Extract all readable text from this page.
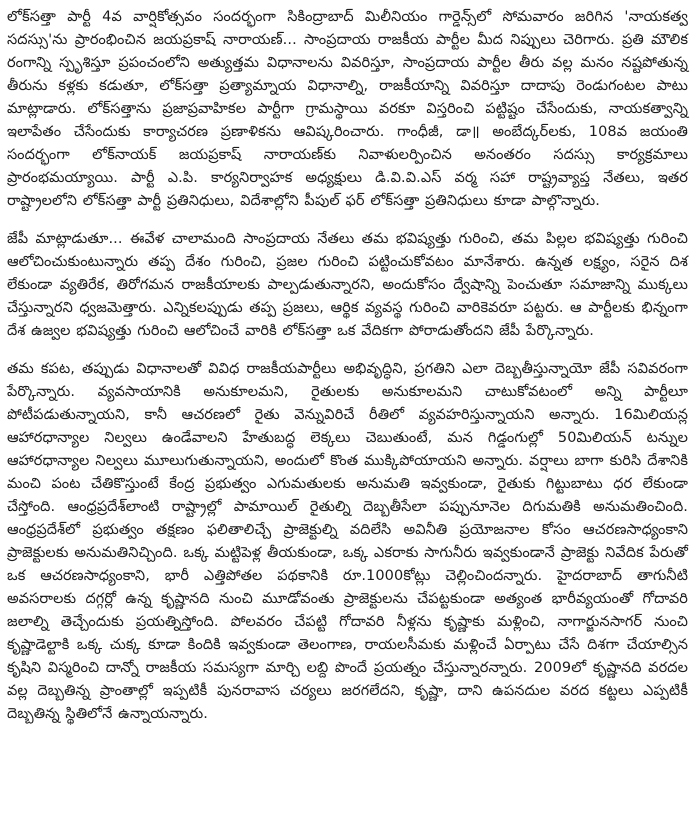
లోక్‌సత్తా పార్టీ 4వ వార్షికోత్సవం సందర్భంగా సికింద్రాబాద్ మిలీనియం గార్డెన్స్‌లో సోమవారం జరిగిన 'నాయకత్వ సదస్సు'ను ప్రారంభించిన జయప్రకాష్ నారాయణ్... సాంప్రదాయ రాజకీయ పార్టీల మీద నిప్పులు చెరిగారు. ప్రతి మౌలిక రంగాన్ని స్పృశిస్తూ ప్రపంచంలోని అత్యుత్తమ విధానాలను వివరిస్తూ, సాంప్రదాయ పార్టీల తీరు వల్ల మనం నష్టపోతున్న తీరును కళ్లకు కడుతూ, లోక్‌సత్తా ప్రత్యామ్నాయ విధానాల్ని, రాజకీయాన్ని వివరిస్తూ దాదాపు రెండుగంటల పాటు మాట్లాడారు. లోక్‌సత్తాను ప్రజాప్రవాహికల పార్టీగా గ్రామస్థాయి వరకూ విస్తరించి పట్టిష్టం చేసేందుకు, నాయకత్వాన్ని ఇలాపేతం చేసేందుకు కార్యాచరణ ప్రణాళికను ఆవిష్కరించారు. గాంధీజీ, డా॥ అంబేద్కర్‌లకు, 108వ జయంతి సందర్భంగా లోక్‌నాయక్ జయప్రకాష్ నారాయణ్‌కు నివాళులర్పించిన అనంతరం సదస్సు కార్యక్రమాలు ప్రారంభమయ్యాయి. పార్టీ ఎ.పి. కార్యనిర్వాహక అధ్యక్షులు డి.వి.వి.ఎస్ వర్మ సహా రాష్ట్రవ్యాప్త నేతలు, ఇతర రాష్ట్రాలలోని లోక్‌సత్తా పార్టీ ప్రతినిధులు, విదేశాల్లోని పీపుల్ ఫర్ లోక్‌సత్తా ప్రతినిధులు కూడా పాల్గొన్నారు.

జేపీ మాట్లాడుతూ... ఈవేళ చాలామంది సాంప్రదాయ నేతలు తమ భవిష్యత్తు గురించి, తమ పిల్లల భవిష్యత్తు గురించి ఆలోచించుకుంటున్నారు తప్ప దేశం గురించి, ప్రజల గురించి పట్టించుకోవటం మానేశారు. ఉన్నత లక్ష్యం, సరైన దిశ లేకుండా వ్యతిరేక, తిరోగమన రాజకీయాలకు పాల్పడుతున్నారని, అందుకోసం ద్వేషాన్ని పెంచుతూ సమాజాన్ని ముక్కలు చేస్తున్నారని ధ్వజమెత్తారు. ఎన్నికలప్పుడు తప్ప ప్రజలు, ఆర్థిక వ్యవస్థ గురించి వారికెవరూ పట్టరు. ఆ పార్టీలకు భిన్నంగా దేశ ఉజ్వల భవిష్యత్తు గురించి ఆలోచించే వారికి లోక్‌సత్తా ఒక వేదికగా పోరాడుతోందని జేపీ పేర్కొన్నారు.

తమ కపట, తప్పుడు విధానాలతో వివిధ రాజకీయపార్టీలు అభివృద్ధిని, ప్రగతిని ఎలా దెబ్బతీస్తున్నాయో జేపీ సవివరంగా పేర్కొన్నారు. వ్యవసాయానికి అనుకూలమని, రైతులకు అనుకూలమని చాటుకోవటంలో అన్ని పార్టీలూ పోటీపడుతున్నాయని, కానీ ఆచరణలో రైతు వెన్నువిరిచే రీతిలో వ్యవహరిస్తున్నాయని అన్నారు. 16మిలియన్ల ఆహారధాన్యాల నిల్వలు ఉండేవాలని హేతుబద్ధ లెక్కలు చెబుతుంటే, మన గిడ్డంగుల్లో 50మిలియన్ టన్నుల ఆహారధాన్యాల నిల్వలు మూలుగుతున్నాయని, అందులో కొంత ముక్కిపోయాయని అన్నారు. వర్షాలు బాగా కురిసి దేశానికి మంచి పంట చేతికొస్తుంటే కేంద్ర ప్రభుత్వం ఎగుమతులకు అనుమతి ఇవ్వకుండా, రైతుకు గిట్టుబాటు ధర లేకుండా చేస్తోంది. ఆంధ్రప్రదేశ్‌లాంటి రాష్ట్రాల్లో పామాయిల్ రైతుల్ని దెబ్బతీసేలా పప్పునూనెల దిగుమతికి అనుమతించింది. ఆంధ్రప్రదేశ్‌లో ప్రభుత్వం తక్షణం ఫలితాలిచ్చే ప్రాజెక్టుల్ని వదిలేసి అవినీతి ప్రయోజనాల కోసం ఆచరణసాధ్యంకాని ప్రాజెక్టులకు అనుమతినిచ్చింది. ఒక్క మట్టిపెళ్ల తీయకుండా, ఒక్క ఎకరాకు సాగునీరు ఇవ్వకుండానే ప్రాజెక్టు నివేదిక పేరుతో ఒక ఆచరణసాధ్యంకాని, భారీ ఎత్తిపోతల పథకానికి రూ.1000కోట్లు చెల్లించిందన్నారు. హైదరాబాద్ తాగునీటి అవసరాలకు దగ్గర్లో ఉన్న కృష్ణానది నుంచి మూడోవంతు ప్రాజెక్టులను చేపట్టకుండా అత్యంత భారీవ్యయంతో గోదావరి జలాల్ని తెచ్చేందుకు ప్రయత్నిస్తోంది. పోలవరం చేపట్టి గోదావరి నీళ్లను కృష్ణాకు మళ్లించి, నాగార్జునసాగర్ నుంచి కృష్ణాడెల్టాకి ఒక్క చుక్క కూడా కిందికి ఇవ్వకుండా తెలంగాణ, రాయలసీమకు మళ్లించే ఏర్పాటు చేసే దిశగా చేయాల్సిన కృషిని విస్మరించి దాన్నో రాజకీయ సమస్యగా మార్చి లబ్ది పొందే ప్రయత్నం చేస్తున్నారన్నారు. 2009లో కృష్ణానది వరదల వల్ల దెబ్బతిన్న ప్రాంతాల్లో ఇప్పటికీ పునరావాస చర్యలు జరగలేదని, కృష్ణా, దాని ఉపనదుల వరద కట్టలు ఎప్పటికీ దెబ్బతిన్న స్థితిలోనే ఉన్నాయన్నారు.
